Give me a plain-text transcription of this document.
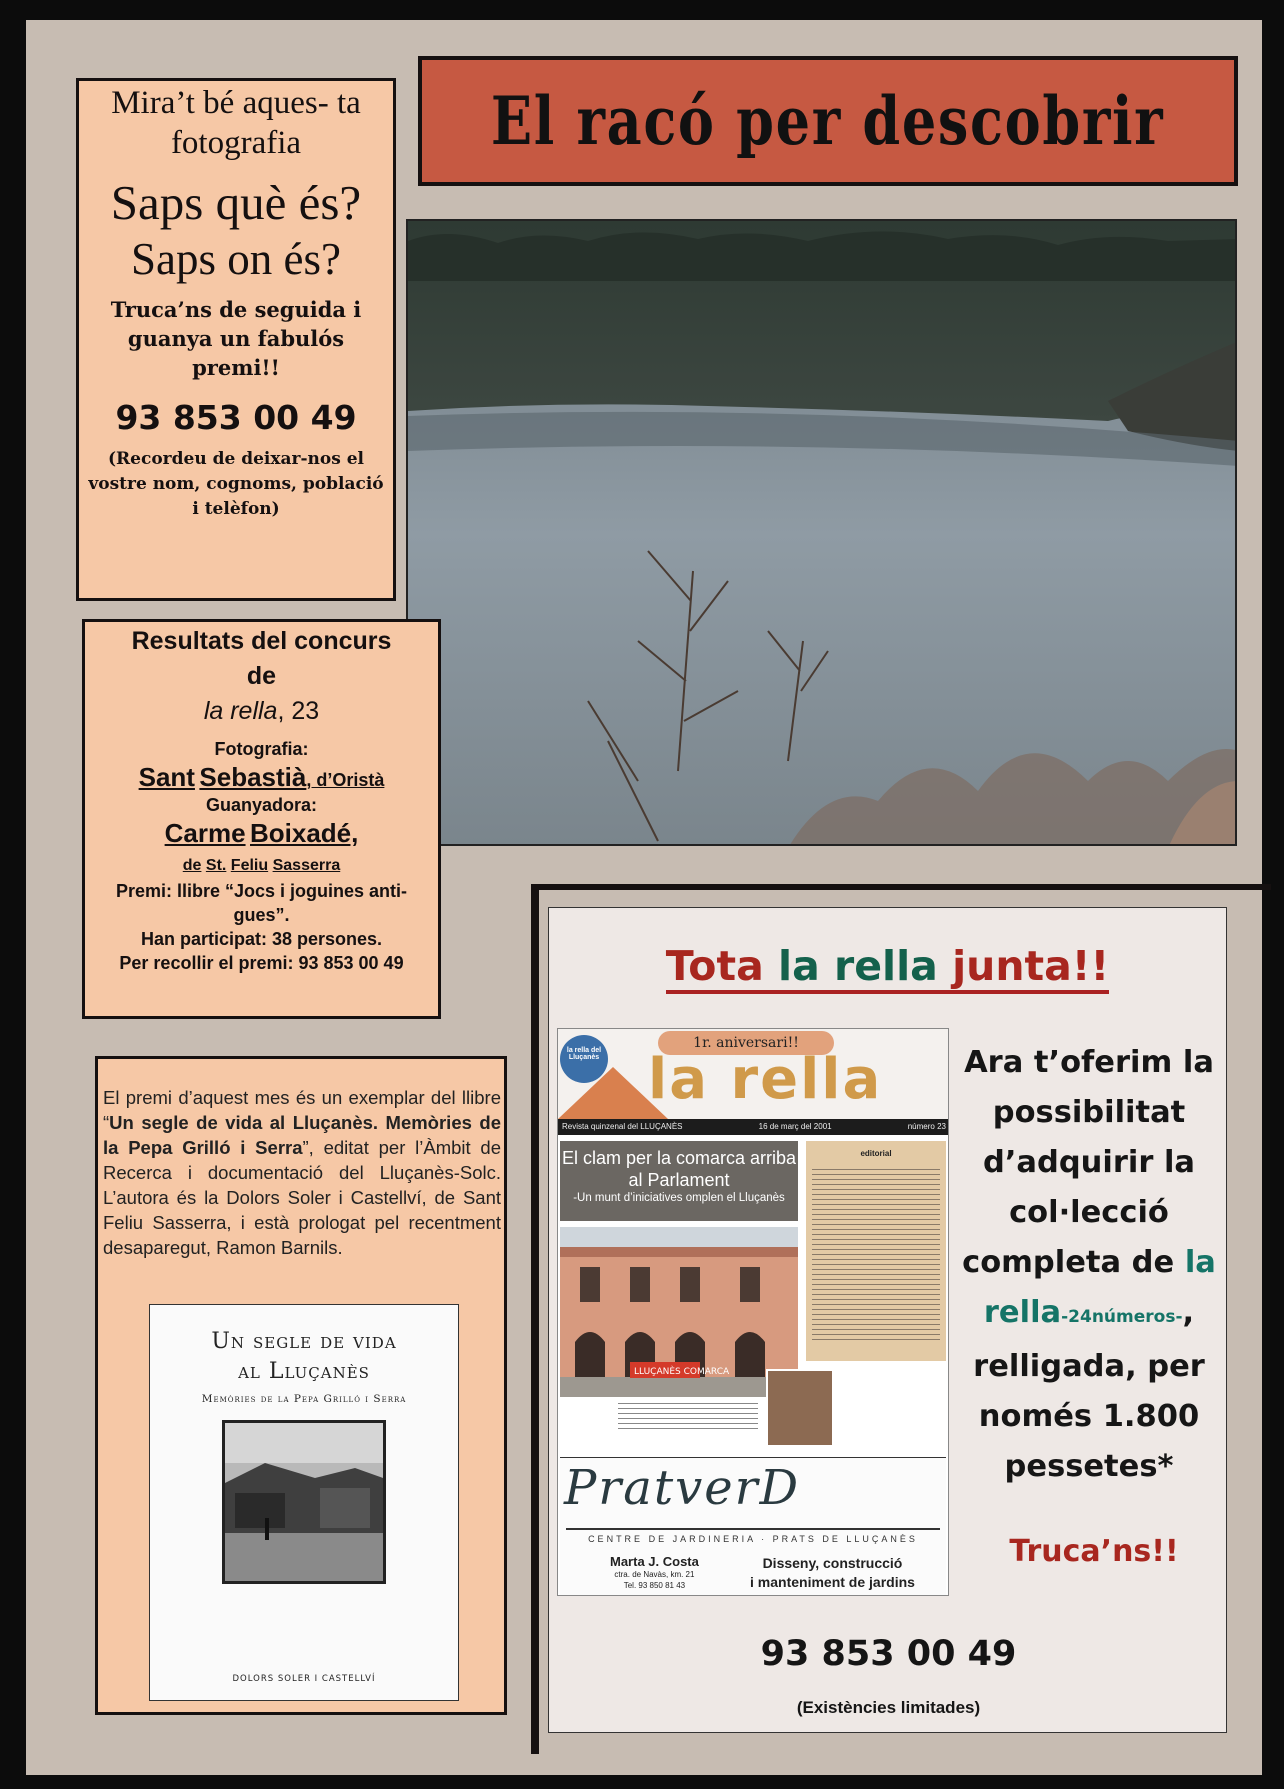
Mira’t bé aques- ta fotografia
Saps què és?
Saps on és?
Truca’ns de seguida i guanya un fabulós premi!!
93 853 00 49
(Recordeu de deixar-nos el vostre nom, cognoms, població i telèfon)
El racó per descobrir
Resultats del concurs
de
la rella, 23
Fotografia:
Sant Sebastià, d’Oristà
Guanyadora:
Carme Boixadé,
de St. Feliu Sasserra
Premi: llibre “Jocs i joguines anti- gues”.
Han participat: 38 persones.
Per recollir el premi: 93 853 00 49

El premi d’aquest mes és un exemplar del llibre “Un segle de vida al Lluçanès. Memòries de la Pepa Grilló i Serra”, editat per l’Àmbit de Recerca i documentació del Lluçanès-Solc. L’autora és la Dolors Soler i Castellví, de Sant Feliu Sasserra, i està prologat pel recentment desaparegut, Ramon Barnils.

Un segle de vida
al Lluçanès
Memòries de la Pepa Grilló i Serra
DOLORS SOLER I CASTELLVÍ
Tota la rella junta!!
la rella del Lluçanès
1r. aniversari!!
la rella
Revista quinzenal del LLUÇANÈS	16 de març del 2001	número 23
El clam per la comarca arriba al Parlament
-Un munt d’iniciatives omplen el Lluçanès
editorial
LLUÇANÈS COMARCA
PratverD
CENTRE DE JARDINERIA · PRATS DE LLUÇANÈS
Marta J. Costa
ctra. de Navàs, km. 21
Tel. 93 850 81 43
Disseny, construcció
i manteniment de jardins
Ara t’oferim la possibilitat d’adquirir la col·lecció completa de la rella-24números-, relligada, per només 1.800 pessetes*
Truca’ns!!
93 853 00 49
(Existències limitades)
